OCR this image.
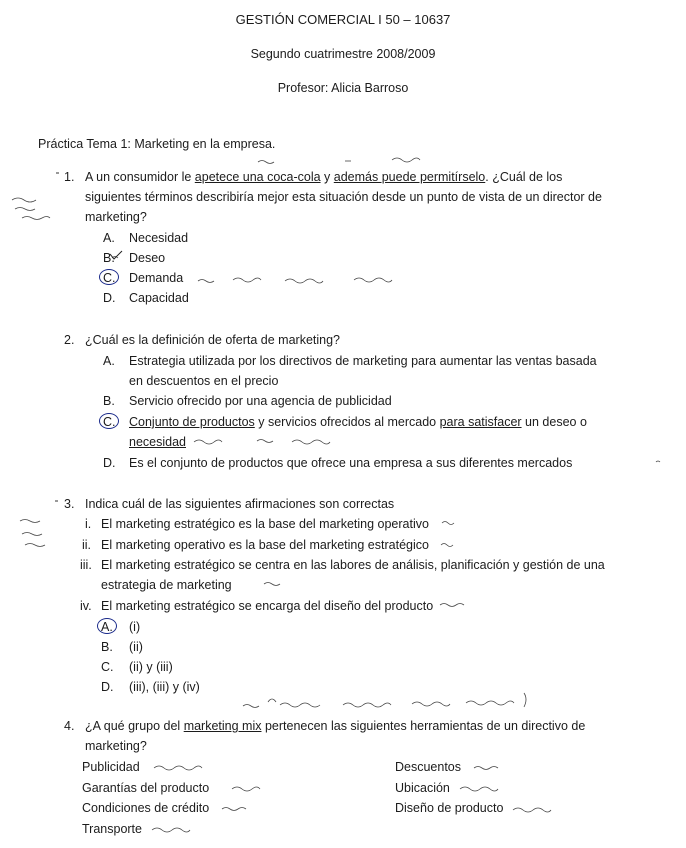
GESTIÓN COMERCIAL I 50 – 10637
Segundo cuatrimestre 2008/2009
Profesor: Alicia Barroso
Práctica Tema 1: Marketing en la empresa.
1. A un consumidor le apetece una coca-cola y además puede permitírselo. ¿Cuál de los
siguientes términos describiría mejor esta situación desde un punto de vista de un director de
marketing?
A. Necesidad
B. Deseo
C. Demanda
D. Capacidad
2. ¿Cuál es la definición de oferta de marketing?
A. Estrategia utilizada por los directivos de marketing para aumentar las ventas basada
en descuentos en el precio
B. Servicio ofrecido por una agencia de publicidad
C. Conjunto de productos y servicios ofrecidos al mercado para satisfacer un deseo o
necesidad
D. Es el conjunto de productos que ofrece una empresa a sus diferentes mercados
3. Indica cuál de las siguientes afirmaciones son correctas
i. El marketing estratégico es la base del marketing operativo
ii. El marketing operativo es la base del marketing estratégico
iii. El marketing estratégico se centra en las labores de análisis, planificación y gestión de una
estrategia de marketing
iv. El marketing estratégico se encarga del diseño del producto
A. (i)
B. (ii)
C. (ii) y (iii)
D. (iii), (iii) y (iv)
4. ¿A qué grupo del marketing mix pertenecen las siguientes herramientas de un directivo de
marketing?
Publicidad
Garantías del producto
Condiciones de crédito
Transporte
Descuentos
Ubicación
Diseño de producto
